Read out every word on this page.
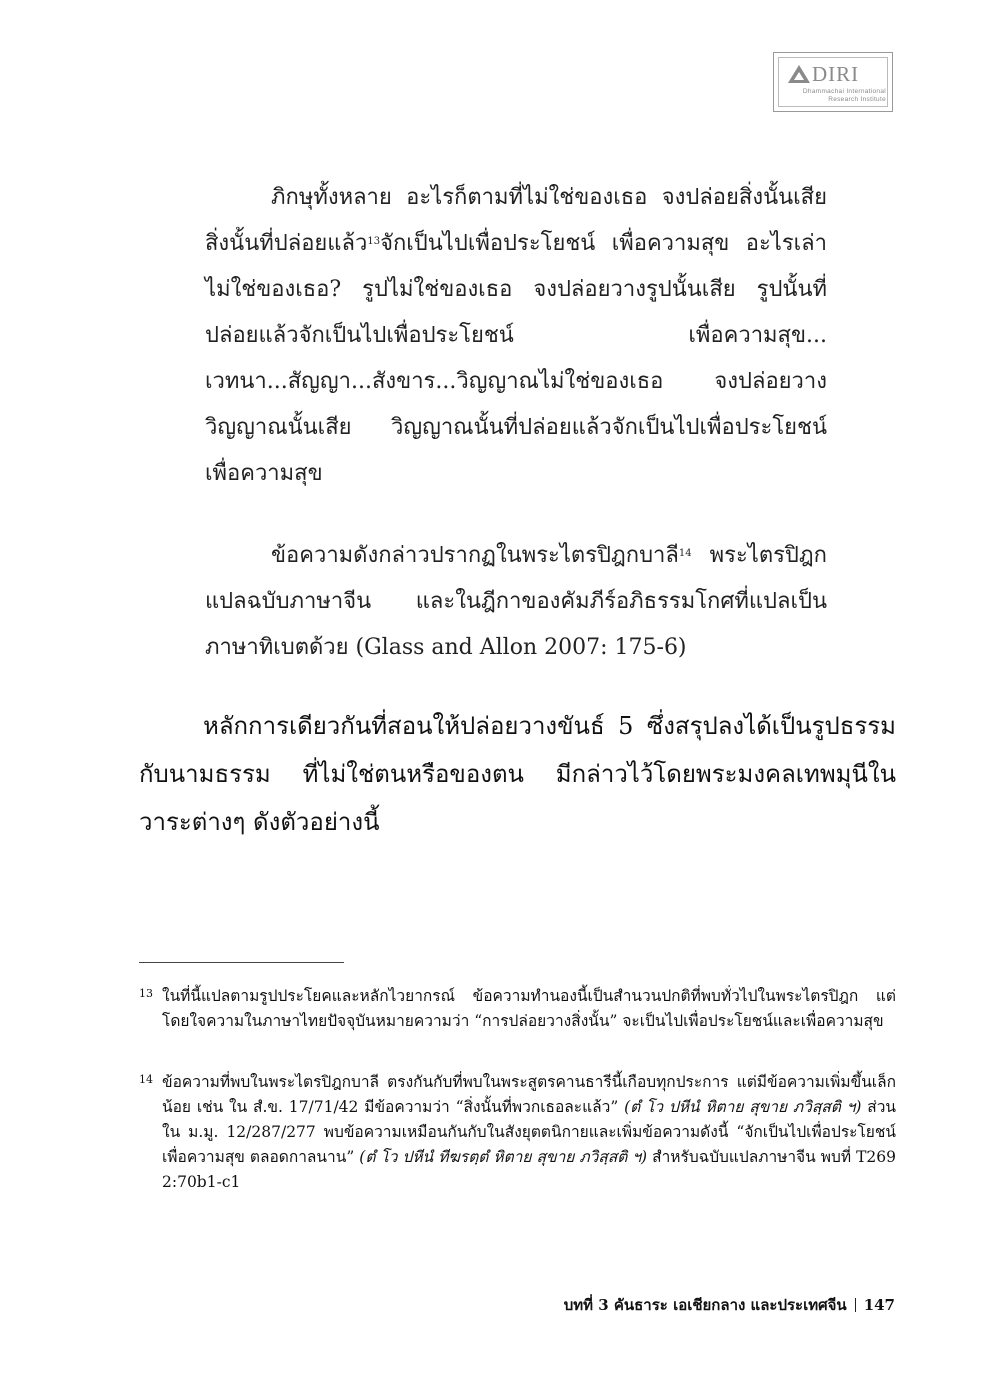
DIRI
Dhammachai International
Research Institute

ภิกษุทั้งหลาย อะไรก็ตามที่ไม่ใช่ของเธอ จงปล่อยสิ่งนั้นเสีย สิ่งนั้นที่ปล่อยแล้ว$^{13}$จักเป็นไปเพื่อประโยชน์ เพื่อความสุข อะไรเล่าไม่ใช่ของเธอ? รูปไม่ใช่ของเธอ จงปล่อยวางรูปนั้นเสีย รูปนั้นที่ปล่อยแล้วจักเป็นไปเพื่อประโยชน์ เพื่อความสุข... เวทนา...สัญญา...สังขาร...วิญญาณไม่ใช่ของเธอ จงปล่อยวางวิญญาณนั้นเสีย วิญญาณนั้นที่ปล่อยแล้วจักเป็นไปเพื่อประโยชน์ เพื่อความสุข

ข้อความดังกล่าวปรากฏในพระไตรปิฎกบาลี$^{14}$ พระไตรปิฎกแปลฉบับภาษาจีน และในฎีกาของคัมภีร์อภิธรรมโกศที่แปลเป็นภาษาทิเบตด้วย (Glass and Allon 2007: 175-6)

หลักการเดียวกันที่สอนให้ปล่อยวางขันธ์ 5 ซึ่งสรุปลงได้เป็นรูปธรรมกับนามธรรม ที่ไม่ใช่ตนหรือของตน มีกล่าวไว้โดยพระมงคลเทพมุนีในวาระต่างๆ ดังตัวอย่างนี้

13 ในที่นี้แปลตามรูปประโยคและหลักไวยากรณ์ ข้อความทำนองนี้เป็นสำนวนปกติที่พบทั่วไปในพระไตรปิฎก แต่โดยใจความในภาษาไทยปัจจุบันหมายความว่า “การปล่อยวางสิ่งนั้น” จะเป็นไปเพื่อประโยชน์และเพื่อความสุข
14 ข้อความที่พบในพระไตรปิฎกบาลี ตรงกันกับที่พบในพระสูตรคานธารีนี้เกือบทุกประการ แต่มีข้อความเพิ่มขึ้นเล็กน้อย เช่น ใน สํ.ข. 17/71/42 มีข้อความว่า “สิ่งนั้นที่พวกเธอละแล้ว” (ตํ โว ปหีนํ หิตาย สุขาย ภวิสฺสติ ฯ) ส่วนใน ม.มู. 12/287/277 พบข้อความเหมือนกันกับในสังยุตตนิกายและเพิ่มข้อความดังนี้ “จักเป็นไปเพื่อประโยชน์ เพื่อความสุข ตลอดกาลนาน” (ตํ โว ปหีนํ ทีฆรตฺตํ หิตาย สุขาย ภวิสฺสติ ฯ) สำหรับฉบับแปลภาษาจีน พบที่ T269 2:70b1-c1
บทที่ 3 คันธาระ เอเชียกลาง และประเทศจีน 147
